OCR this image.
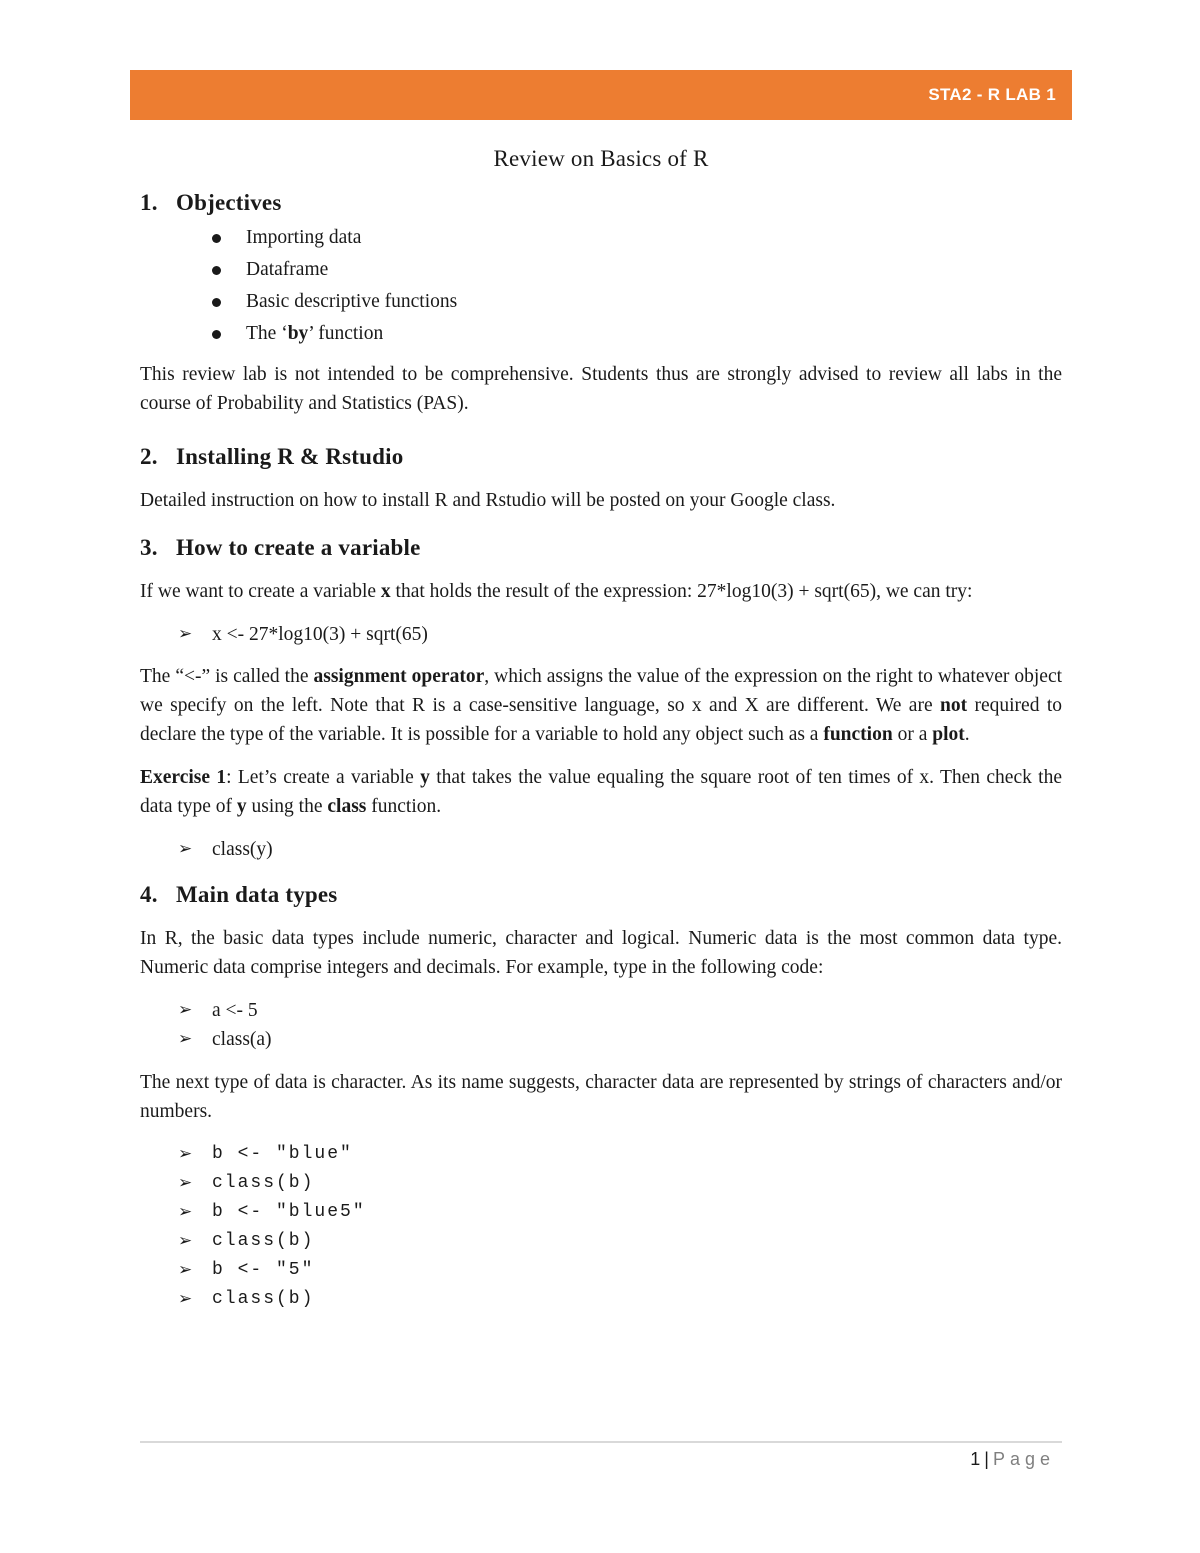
STA2 - R LAB 1
Review on Basics of R
1. Objectives
Importing data
Dataframe
Basic descriptive functions
The ‘by’ function

This review lab is not intended to be comprehensive. Students thus are strongly advised to review all labs in the course of Probability and Statistics (PAS).

2. Installing R & Rstudio

Detailed instruction on how to install R and Rstudio will be posted on your Google class.

3. How to create a variable

If we want to create a variable x that holds the result of the expression: 27*log10(3) + sqrt(65), we can try:

➢	x <- 27*log10(3) + sqrt(65)

The “<-” is called the assignment operator, which assigns the value of the expression on the right to whatever object we specify on the left. Note that R is a case-sensitive language, so x and X are different. We are not required to declare the type of the variable. It is possible for a variable to hold any object such as a function or a plot.

Exercise 1: Let’s create a variable y that takes the value equaling the square root of ten times of x. Then check the data type of y using the class function.

➢	class(y)
4. Main data types

In R, the basic data types include numeric, character and logical. Numeric data is the most common data type. Numeric data comprise integers and decimals. For example, type in the following code:

➢	a <- 5
➢	class(a)

The next type of data is character. As its name suggests, character data are represented by strings of characters and/or numbers.

➢	b <- "blue"
➢	class(b)
➢	b <- "blue5"
➢	class(b)
➢	b <- "5"
➢	class(b)
1 | Page
